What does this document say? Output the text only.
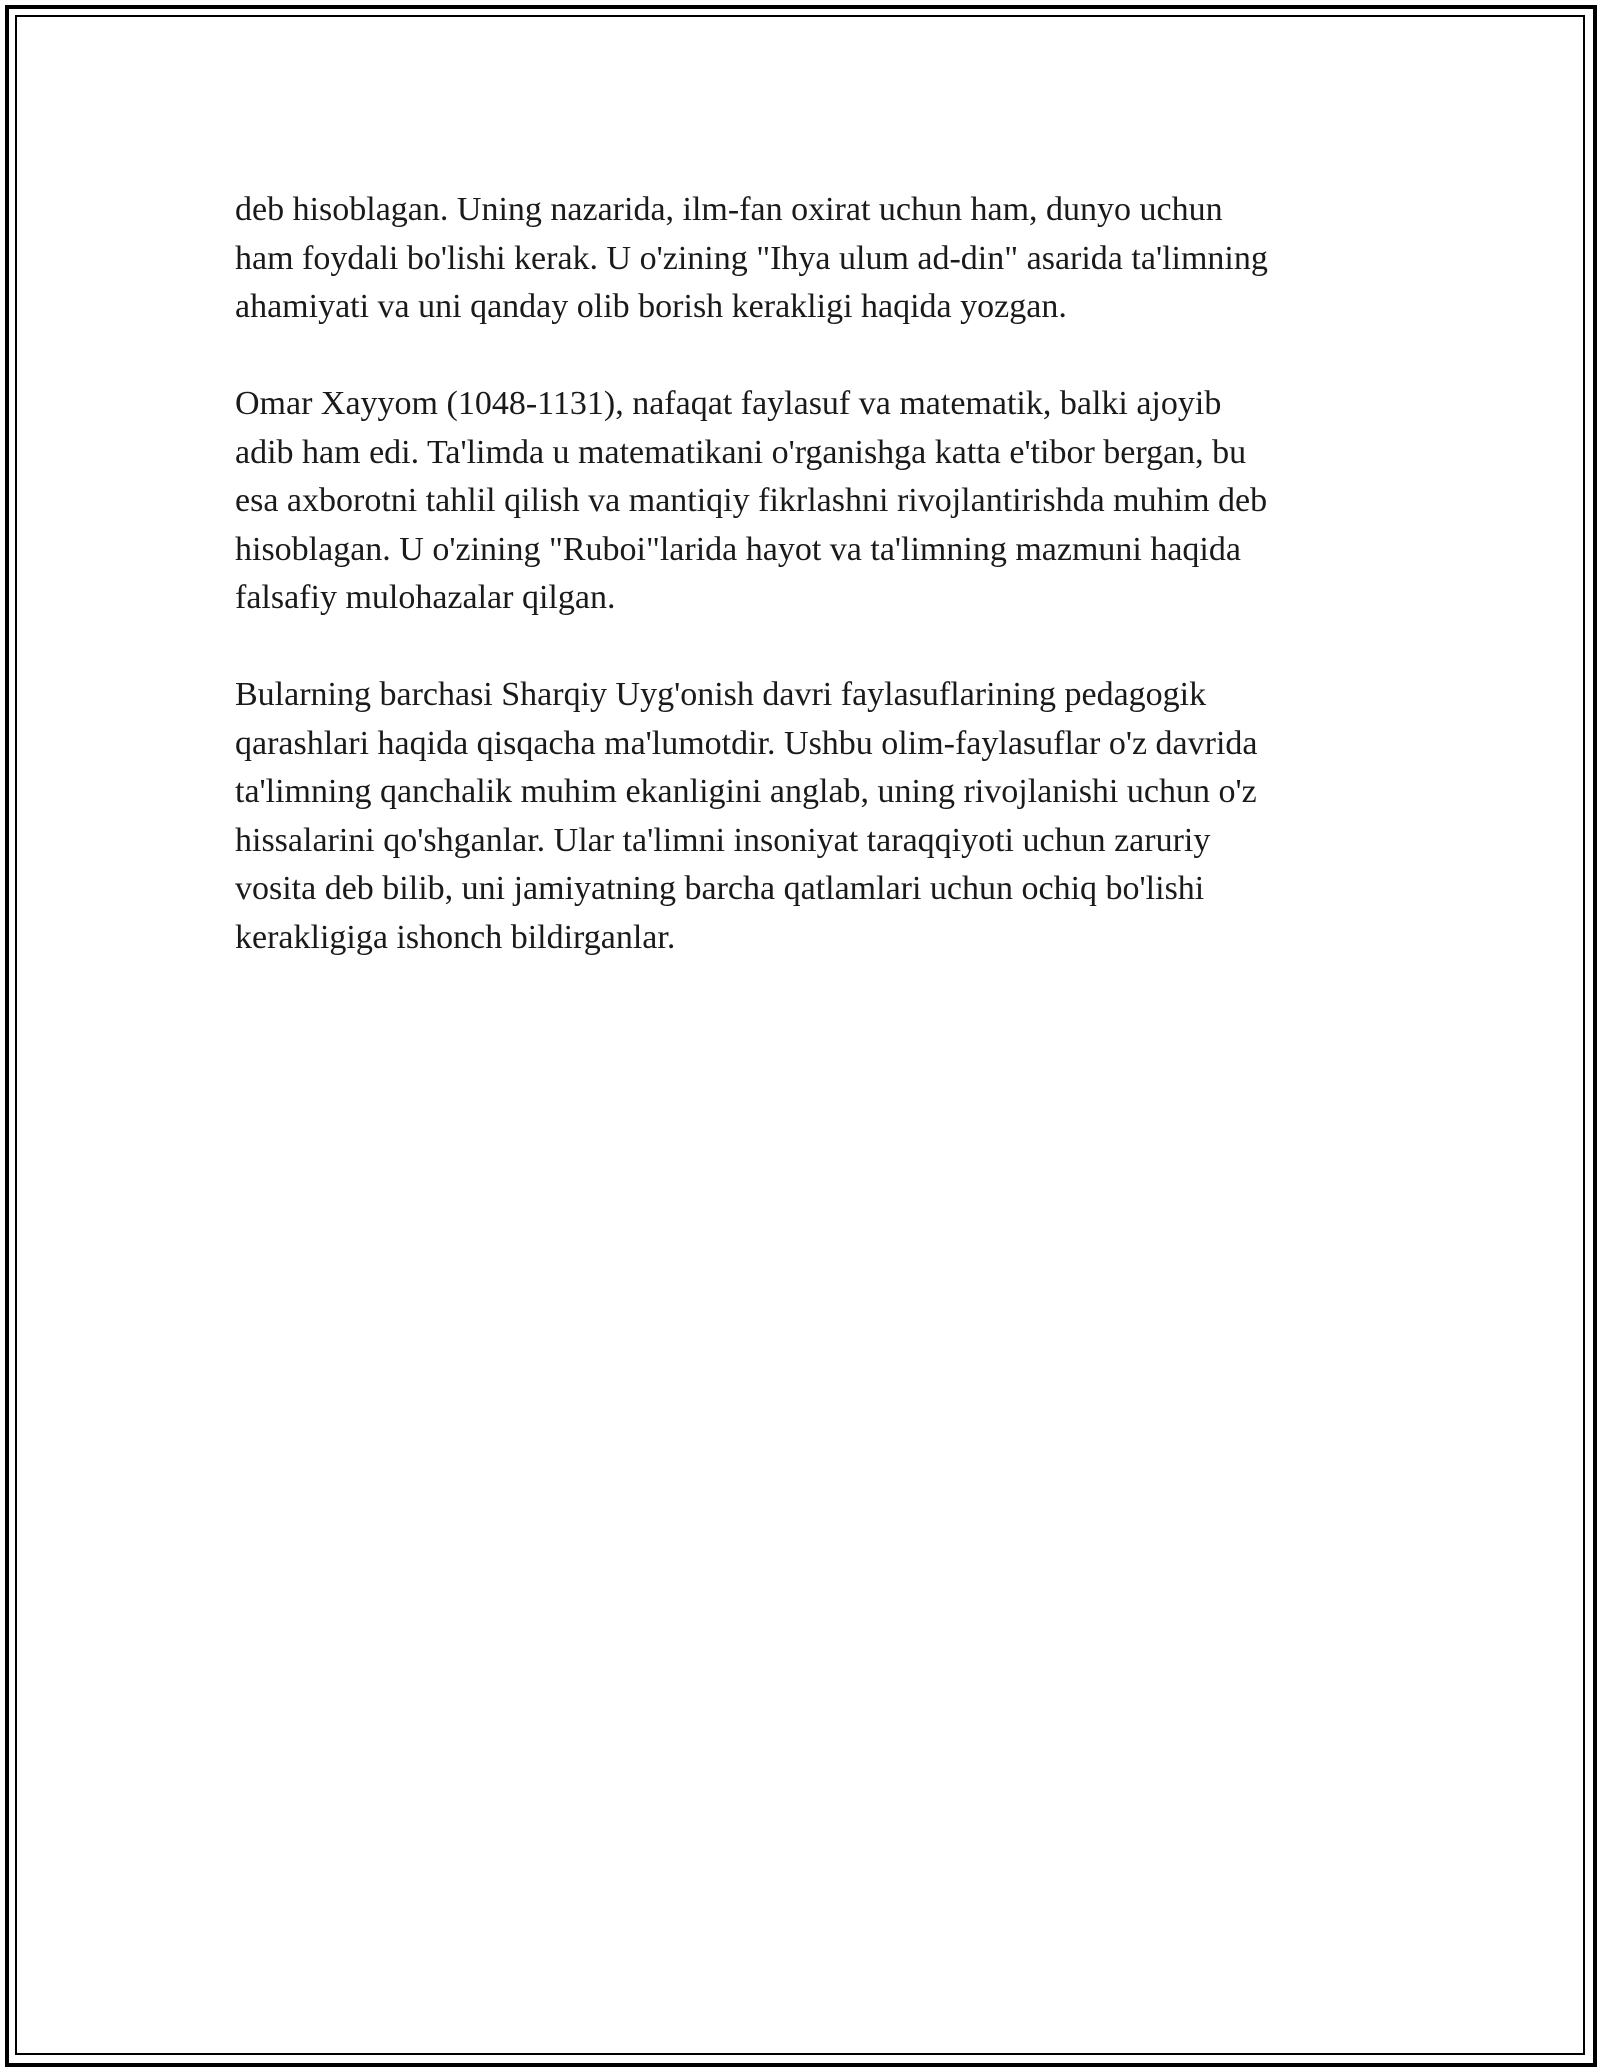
deb hisoblagan. Uning nazarida, ilm-fan oxirat uchun ham, dunyo uchun
ham foydali bo'lishi kerak. U o'zining "Ihya ulum ad-din" asarida ta'limning
ahamiyati va uni qanday olib borish kerakligi haqida yozgan.

Omar Xayyom (1048-1131), nafaqat faylasuf va matematik, balki ajoyib
adib ham edi. Ta'limda u matematikani o'rganishga katta e'tibor bergan, bu
esa axborotni tahlil qilish va mantiqiy fikrlashni rivojlantirishda muhim deb
hisoblagan. U o'zining "Ruboi"larida hayot va ta'limning mazmuni haqida
falsafiy mulohazalar qilgan.

Bularning barchasi Sharqiy Uyg'onish davri faylasuflarining pedagogik
qarashlari haqida qisqacha ma'lumotdir. Ushbu olim-faylasuflar o'z davrida
ta'limning qanchalik muhim ekanligini anglab, uning rivojlanishi uchun o'z
hissalarini qo'shganlar. Ular ta'limni insoniyat taraqqiyoti uchun zaruriy
vosita deb bilib, uni jamiyatning barcha qatlamlari uchun ochiq bo'lishi
kerakligiga ishonch bildirganlar.
